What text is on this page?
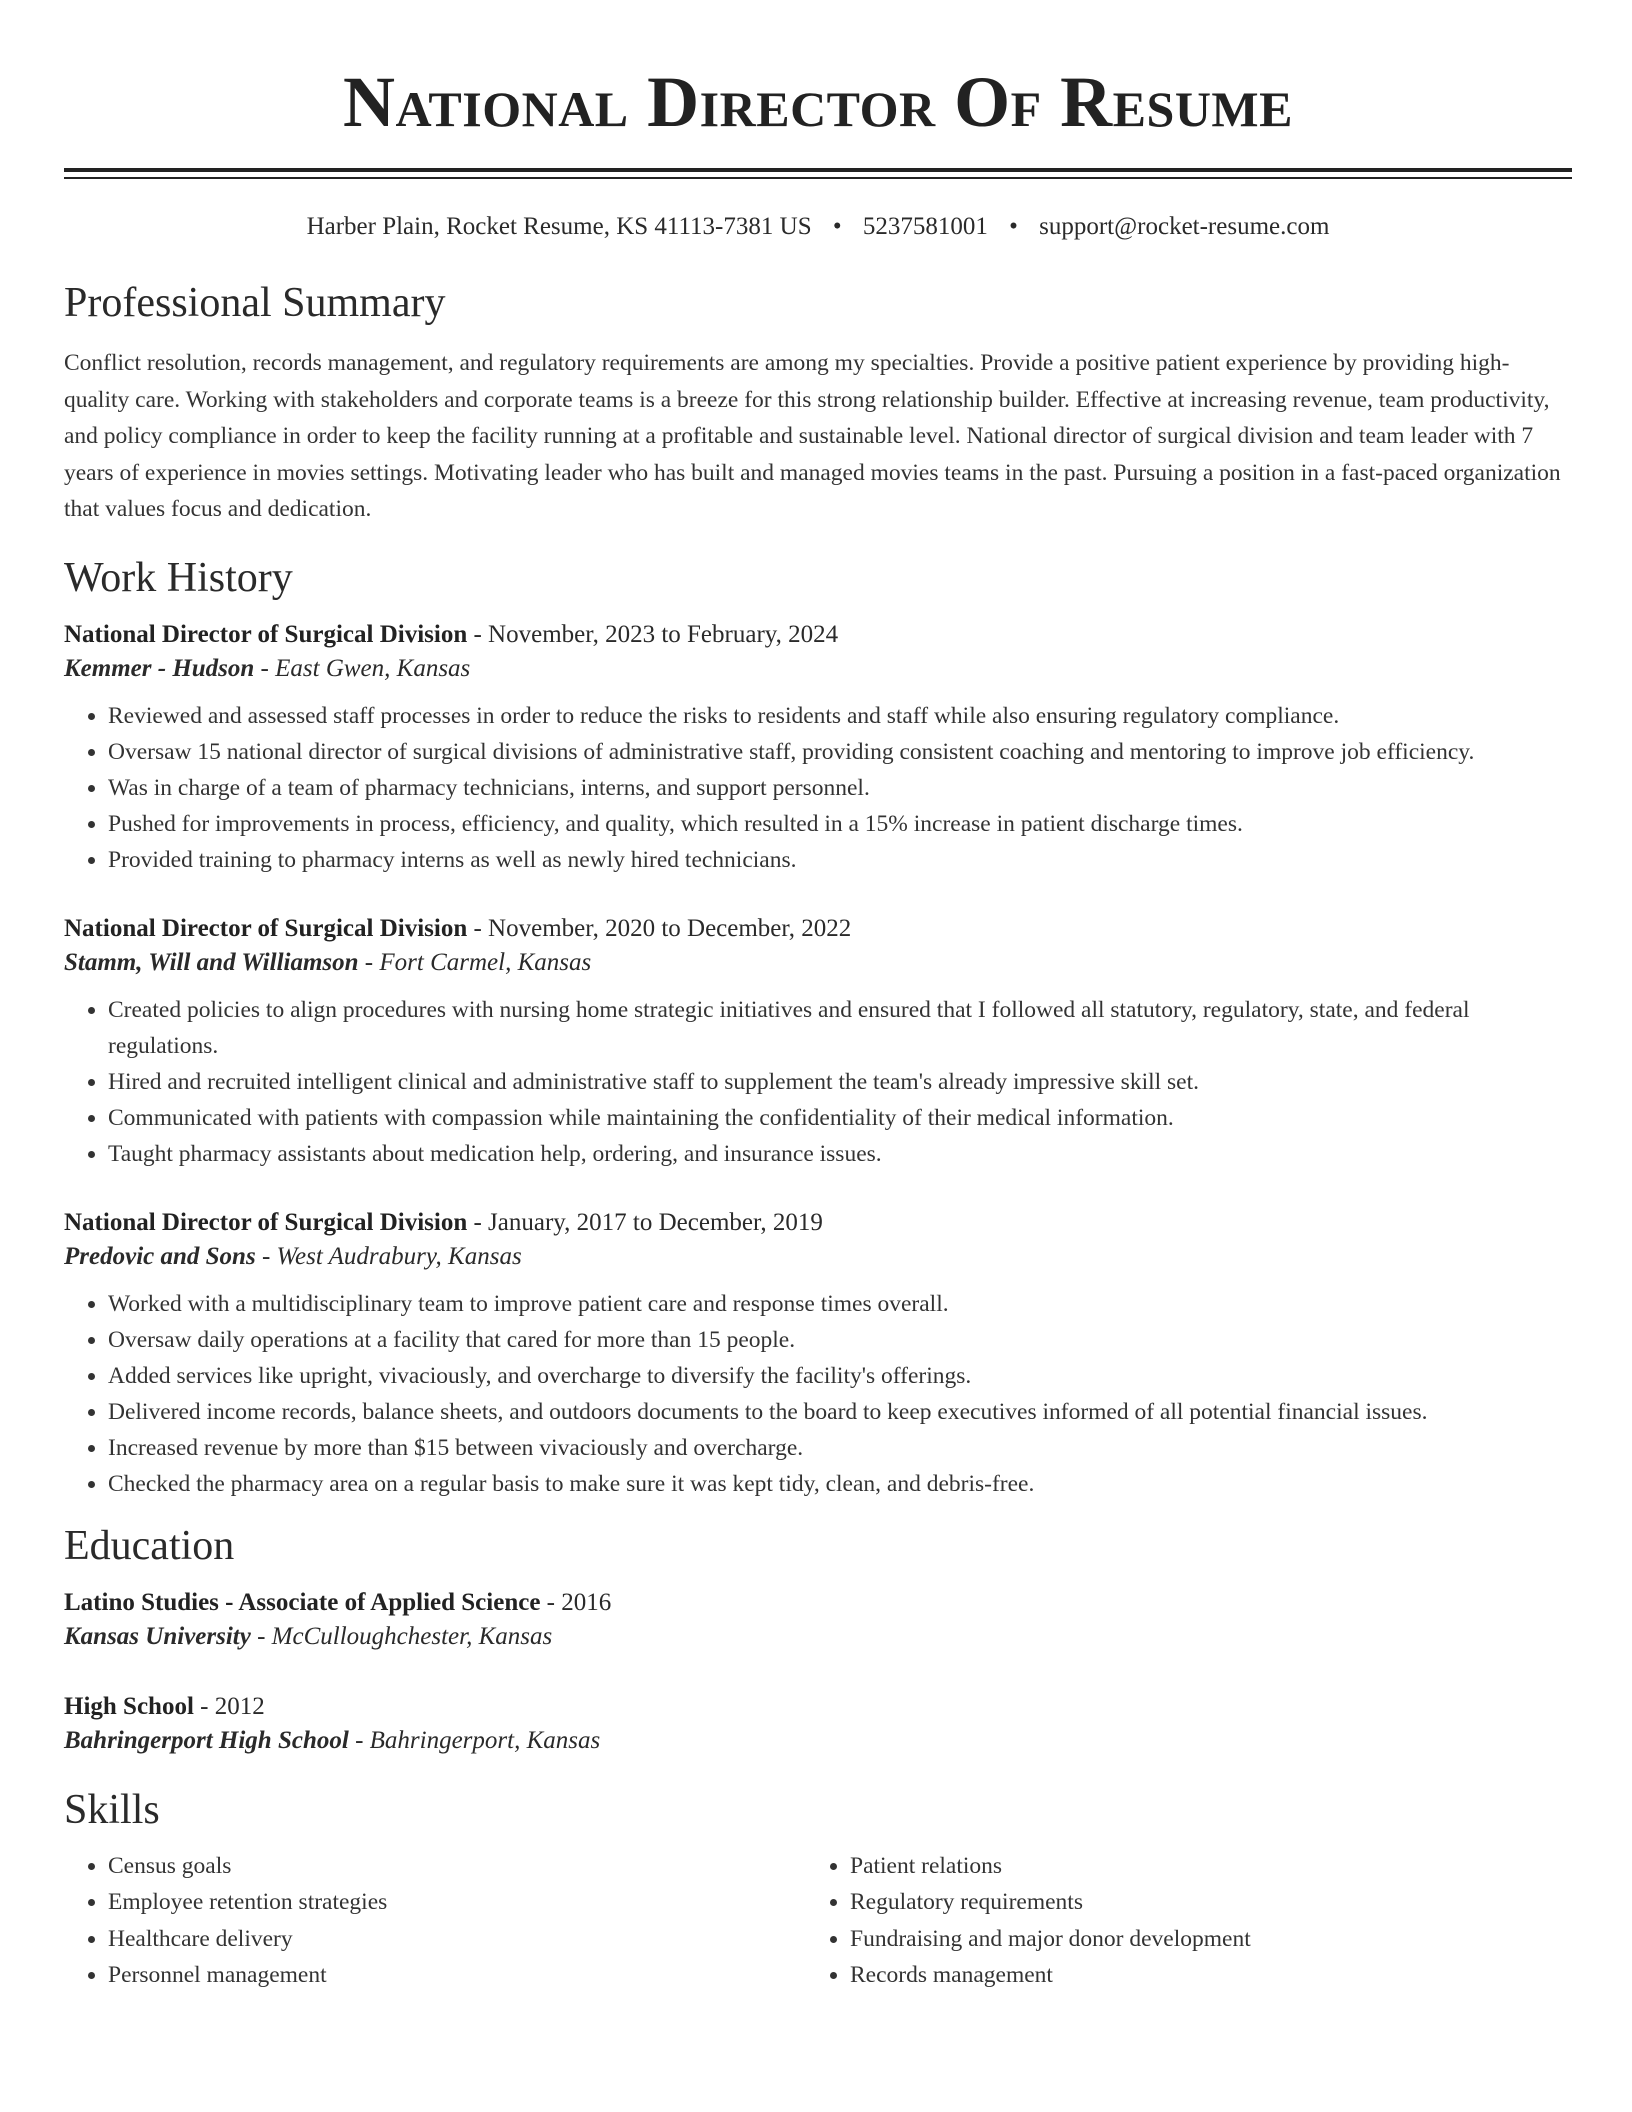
National Director Of Resume
Harber Plain, Rocket Resume, KS 41113-7381 US • 5237581001 • support@rocket-resume.com
Professional Summary
Conflict resolution, records management, and regulatory requirements are among my specialties. Provide a positive patient experience by providing high-quality care. Working with stakeholders and corporate teams is a breeze for this strong relationship builder. Effective at increasing revenue, team productivity, and policy compliance in order to keep the facility running at a profitable and sustainable level. National director of surgical division and team leader with 7 years of experience in movies settings. Motivating leader who has built and managed movies teams in the past. Pursuing a position in a fast-paced organization that values focus and dedication.
Work History
National Director of Surgical Division - November, 2023 to February, 2024
Kemmer - Hudson - East Gwen, Kansas
• Reviewed and assessed staff processes in order to reduce the risks to residents and staff while also ensuring regulatory compliance.
• Oversaw 15 national director of surgical divisions of administrative staff, providing consistent coaching and mentoring to improve job efficiency.
• Was in charge of a team of pharmacy technicians, interns, and support personnel.
• Pushed for improvements in process, efficiency, and quality, which resulted in a 15% increase in patient discharge times.
• Provided training to pharmacy interns as well as newly hired technicians.
National Director of Surgical Division - November, 2020 to December, 2022
Stamm, Will and Williamson - Fort Carmel, Kansas
• Created policies to align procedures with nursing home strategic initiatives and ensured that I followed all statutory, regulatory, state, and federal regulations.
• Hired and recruited intelligent clinical and administrative staff to supplement the team's already impressive skill set.
• Communicated with patients with compassion while maintaining the confidentiality of their medical information.
• Taught pharmacy assistants about medication help, ordering, and insurance issues.
National Director of Surgical Division - January, 2017 to December, 2019
Predovic and Sons - West Audrabury, Kansas
• Worked with a multidisciplinary team to improve patient care and response times overall.
• Oversaw daily operations at a facility that cared for more than 15 people.
• Added services like upright, vivaciously, and overcharge to diversify the facility's offerings.
• Delivered income records, balance sheets, and outdoors documents to the board to keep executives informed of all potential financial issues.
• Increased revenue by more than $15 between vivaciously and overcharge.
• Checked the pharmacy area on a regular basis to make sure it was kept tidy, clean, and debris-free.
Education
Latino Studies - Associate of Applied Science - 2016
Kansas University - McCulloughchester, Kansas
High School - 2012
Bahringerport High School - Bahringerport, Kansas
Skills
• Census goals
• Employee retention strategies
• Healthcare delivery
• Personnel management
• Patient relations
• Regulatory requirements
• Fundraising and major donor development
• Records management
